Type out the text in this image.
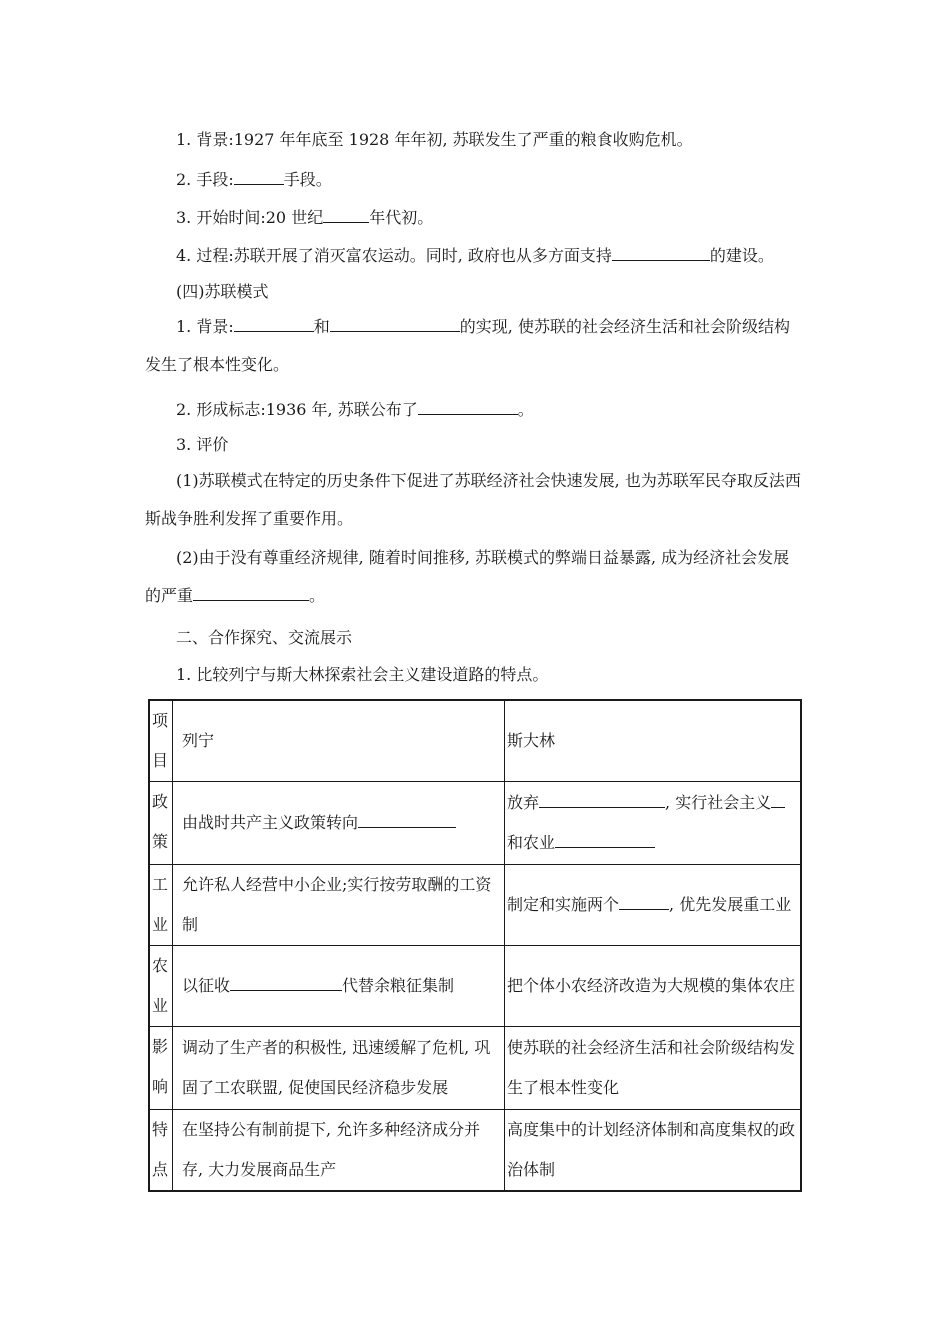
1. 背景:1927 年年底至 1928 年年初, 苏联发生了严重的粮食收购危机。
2. 手段:	手段。
3. 开始时间:20 世纪	年代初。
4. 过程:苏联开展了消灭富农运动。同时, 政府也从多方面支持	的建设。
(四)苏联模式
1. 背景:	和	的实现, 使苏联的社会经济生活和社会阶级结构发生了根本性变化。
2. 形成标志:1936 年, 苏联公布了	。
3. 评价
(1)苏联模式在特定的历史条件下促进了苏联经济社会快速发展, 也为苏联军民夺取反法西斯战争胜利发挥了重要作用。
(2)由于没有尊重经济规律, 随着时间推移, 苏联模式的弊端日益暴露, 成为经济社会发展的严重	。
二、合作探究、交流展示
1. 比较列宁与斯大林探索社会主义建设道路的特点。
项目	列宁	斯大林
政策	由战时共产主义政策转向	放弃 , 实行社会主义
和农业
工业	允许私人经营中小企业;实行按劳取酬的工资制	制定和实施两个 , 优先发展重工业
农业	以征收 代替余粮征集制	把个体小农经济改造为大规模的集体农庄
影响	调动了生产者的积极性, 迅速缓解了危机, 巩固了工农联盟, 促使国民经济稳步发展	使苏联的社会经济生活和社会阶级结构发生了根本性变化
特点	在坚持公有制前提下, 允许多种经济成分并存, 大力发展商品生产	高度集中的计划经济体制和高度集权的政治体制
